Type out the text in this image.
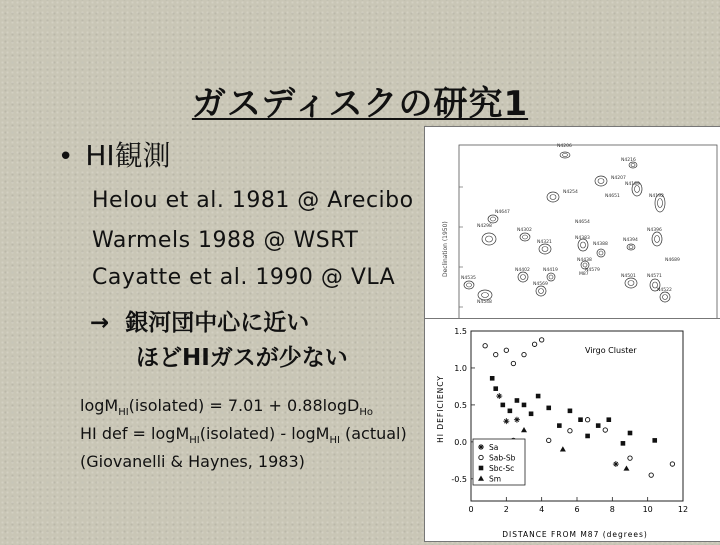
ガスディスクの研究1
• HI観測
Helou et al. 1981 @ Arecibo
Warmels 1988 @ WSRT
Cayatte et al. 1990 @ VLA
→ 銀河団中心に近い
ほどHIガスが少ない
logM$_{HI}$(isolated) = 7.01 + 0.88logD$_{Ho}$
HI def = logM$_{HI}$(isolated) - logM$_{HI}$ (actual)
(Giovanelli & Haynes, 1983)
N4206
N4207
N4189
N4192
N4216
N4254
N4298
N4302
N4321
N4383
N4388
N4394
N4396
N4402	N4419
N4438
N4501
N4522
N4535
N4548
N4569
N4571
N4579
N4647
N4651
N4654
N4689
M87
Declination (1950)
0	2	4	6	8	10	12
1.5
1.0
0.5
0.0
-0.5
Sa
Sab-Sb
Sbc-Sc
Sm
Virgo Cluster
DISTANCE FROM M87 (degrees)
HI DEFICIENCY
